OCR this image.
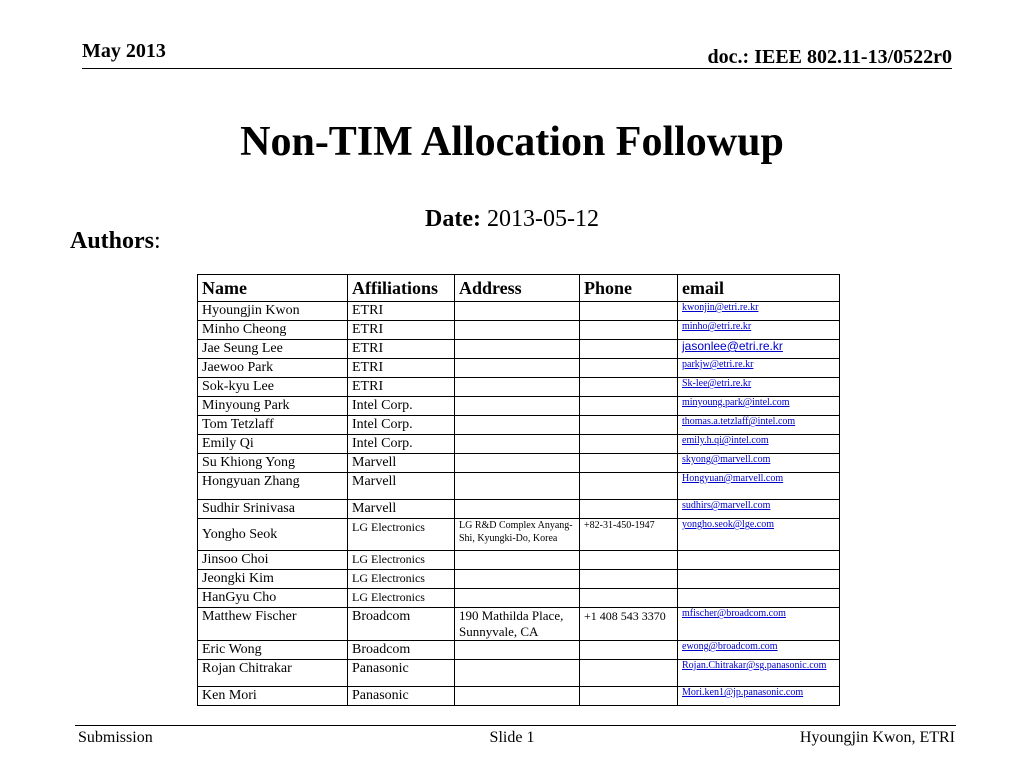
May 2013	doc.: IEEE 802.11-13/0522r0
Non-TIM Allocation Followup
Date: 2013-05-12
Authors:
Name	Affiliations	Address	Phone	email
Hyoungjin Kwon	ETRI			kwonjin@etri.re.kr
Minho Cheong	ETRI			minho@etri.re.kr
Jae Seung Lee	ETRI			jasonlee@etri.re.kr
Jaewoo Park	ETRI			parkjw@etri.re.kr
Sok-kyu Lee	ETRI			Sk-lee@etri.re.kr
Minyoung Park	Intel Corp.			minyoung.park@intel.com
Tom Tetzlaff	Intel Corp.			thomas.a.tetzlaff@intel.com
Emily Qi	Intel Corp.			emily.h.qi@intel.com
Su Khiong Yong	Marvell			skyong@marvell.com
Hongyuan Zhang	Marvell			Hongyuan@marvell.com
Sudhir Srinivasa	Marvell			sudhirs@marvell.com
Yongho Seok	LG Electronics	LG R&D Complex Anyang-Shi, Kyungki-Do, Korea	+82-31-450-1947	yongho.seok@lge.com
Jinsoo Choi	LG Electronics			
Jeongki Kim	LG Electronics			
HanGyu Cho	LG Electronics			
Matthew Fischer	Broadcom	190 Mathilda Place, Sunnyvale, CA	+1 408 543 3370	mfischer@broadcom.com
Eric Wong	Broadcom			ewong@broadcom.com
Rojan Chitrakar	Panasonic			Rojan.Chitrakar@sg.panasonic.com
Ken Mori	Panasonic			Mori.ken1@jp.panasonic.com
Submission	Slide 1	Hyoungjin Kwon, ETRI
